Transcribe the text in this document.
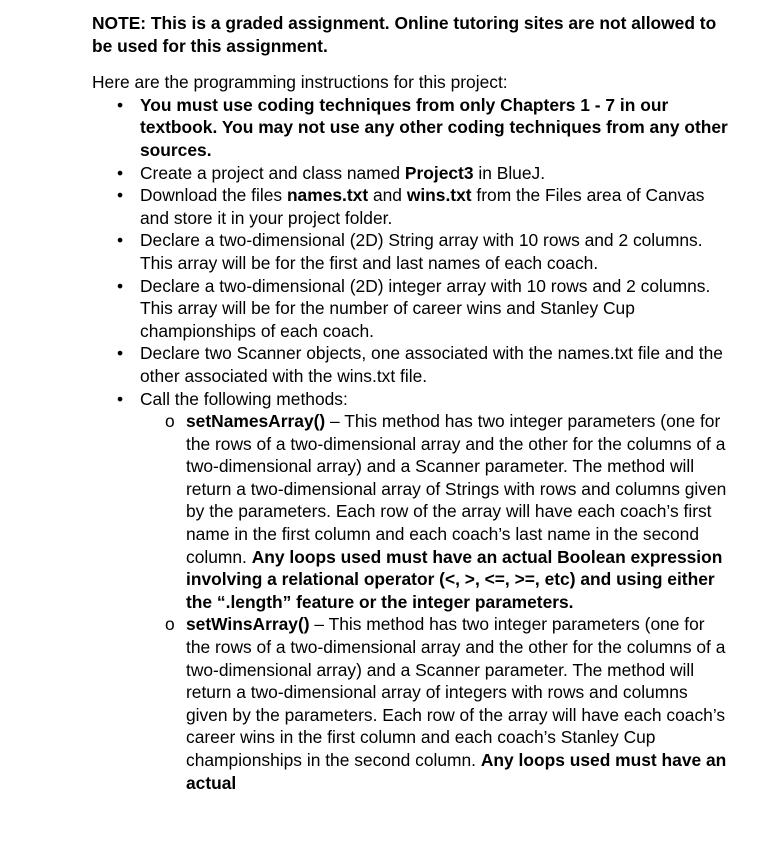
NOTE: This is a graded assignment. Online tutoring sites are not allowed to be used for this assignment.

Here are the programming instructions for this project:

• You must use coding techniques from only Chapters 1 - 7 in our textbook. You may not use any other coding techniques from any other sources.
• Create a project and class named Project3 in BlueJ.
• Download the files names.txt and wins.txt from the Files area of Canvas and store it in your project folder.
• Declare a two-dimensional (2D) String array with 10 rows and 2 columns. This array will be for the first and last names of each coach.
• Declare a two-dimensional (2D) integer array with 10 rows and 2 columns. This array will be for the number of career wins and Stanley Cup championships of each coach.
• Declare two Scanner objects, one associated with the names.txt file and the other associated with the wins.txt file.
• Call the following methods:
o setNamesArray() – This method has two integer parameters (one for the rows of a two-dimensional array and the other for the columns of a two-dimensional array) and a Scanner parameter. The method will return a two-dimensional array of Strings with rows and columns given by the parameters. Each row of the array will have each coach’s first name in the first column and each coach’s last name in the second column. Any loops used must have an actual Boolean expression involving a relational operator (<, >, <=, >=, etc) and using either the “.length” feature or the integer parameters.
o setWinsArray() – This method has two integer parameters (one for the rows of a two-dimensional array and the other for the columns of a two-dimensional array) and a Scanner parameter. The method will return a two-dimensional array of integers with rows and columns given by the parameters. Each row of the array will have each coach’s career wins in the first column and each coach’s Stanley Cup championships in the second column. Any loops used must have an actual
